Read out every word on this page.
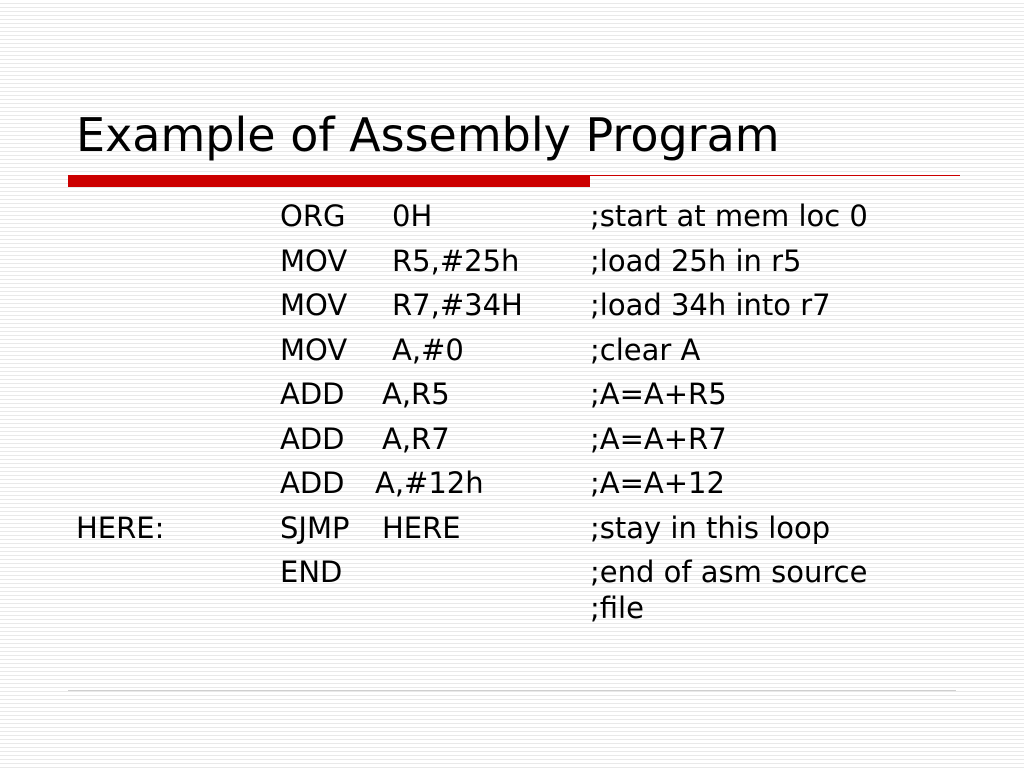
Example of Assembly Program
ORG 0H	;start at mem loc 0
MOV R5,#25h ;load 25h in r5
MOV R7,#34H ;load 34h into r7
MOV A,#0	;clear A
ADD A,R5	;A=A+R5
ADD A,R7	;A=A+R7
ADD A,#12h	;A=A+12
HERE:	SJMP HERE	;stay in this loop
END	;end of asm source
;file
